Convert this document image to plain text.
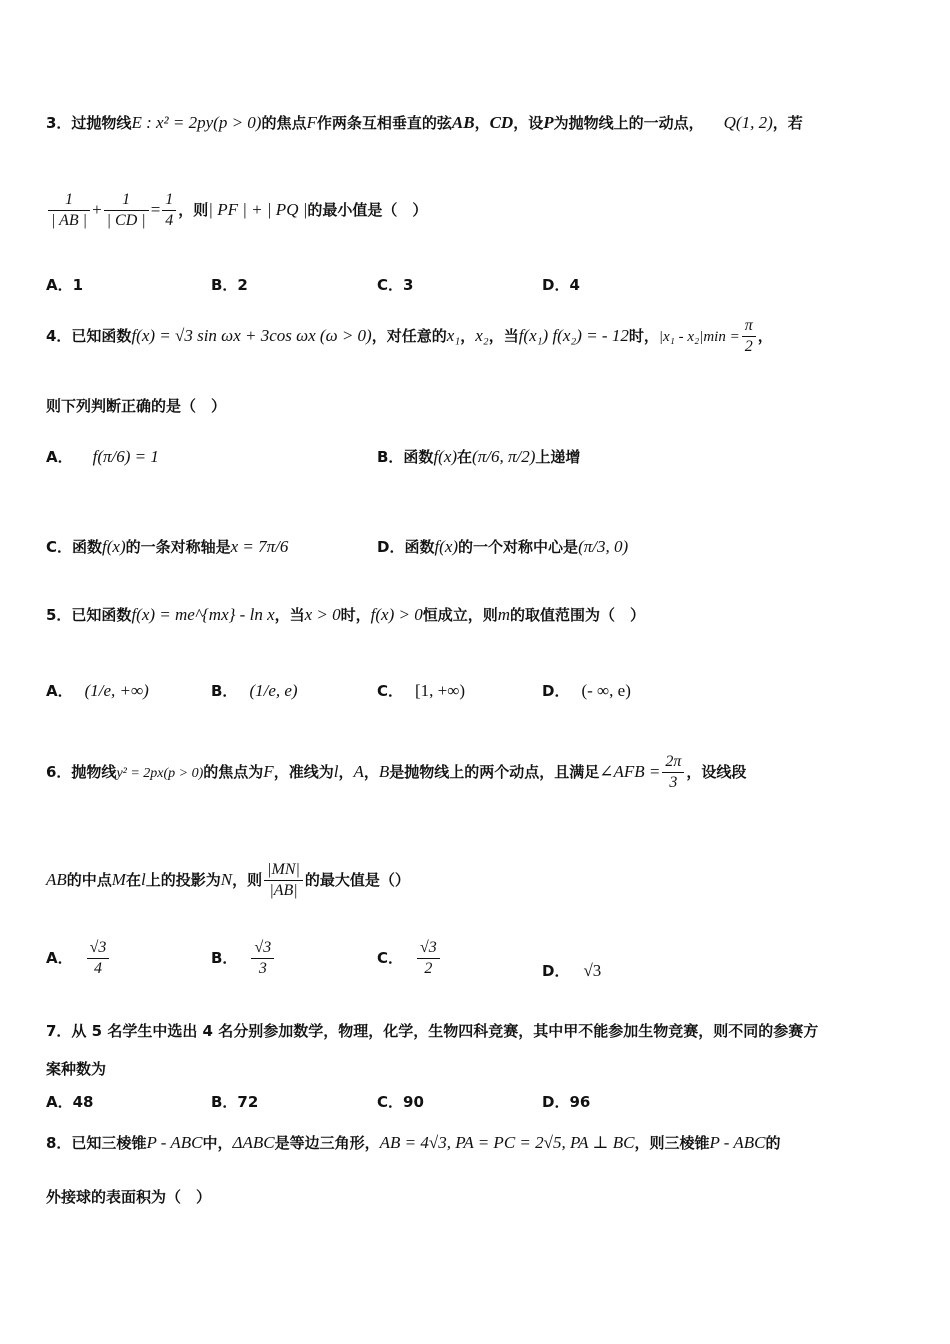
3．过抛物线E : x² = 2py(p > 0)的焦点F作两条互相垂直的弦AB，CD，设P为抛物线上的一动点， Q(1, 2)，若
$\frac{1}{| AB |} + \frac{1}{| CD |} = \frac{1}{4}$ ，则| PF | + | PQ |的最小值是（　）
A．1	B．2	C．3	D．4
4．已知函数f(x) = √3 sin ωx + 3cos ωx (ω > 0)，对任意的x₁，x₂，当f(x₁) f(x₂) = - 12时，$|x_1 - x_2|\min = \frac{\pi}{2}$ ，
则下列判断正确的是（　）
A． f(π/6) = 1	B．函数f(x)在(π/6, π/2)上递增
C．函数f(x)的一条对称轴是x = 7π/6	D．函数f(x)的一个对称中心是(π/3, 0)
5．已知函数f(x) = me^{mx} - ln x，当x > 0时，f(x) > 0恒成立，则m的取值范围为（　）
A． (1/e, +∞)	B． (1/e, e)	C． [1, +∞)	D． (- ∞, e)
6．抛物线y² = 2px(p > 0)的焦点为F，准线为l，A，B是抛物线上的两个动点，且满足∠AFB = $\frac{2\pi}{3}$ ，设线段
AB的中点M在l上的投影为N，则 $\frac{|MN|}{|AB|}$ 的最大值是（）
A． $\frac{√3}{4}$	B． $\frac{√3}{3}$	C． $\frac{√3}{2}$	D． √3
7．从 5 名学生中选出 4 名分别参加数学，物理，化学，生物四科竞赛，其中甲不能参加生物竞赛，则不同的参赛方
案种数为
A．48	B．72	C．90	D．96
8．已知三棱锥P - ABC中，ΔABC是等边三角形，AB = 4√3, PA = PC = 2√5, PA ⊥ BC，则三棱锥P - ABC的
外接球的表面积为（　）
